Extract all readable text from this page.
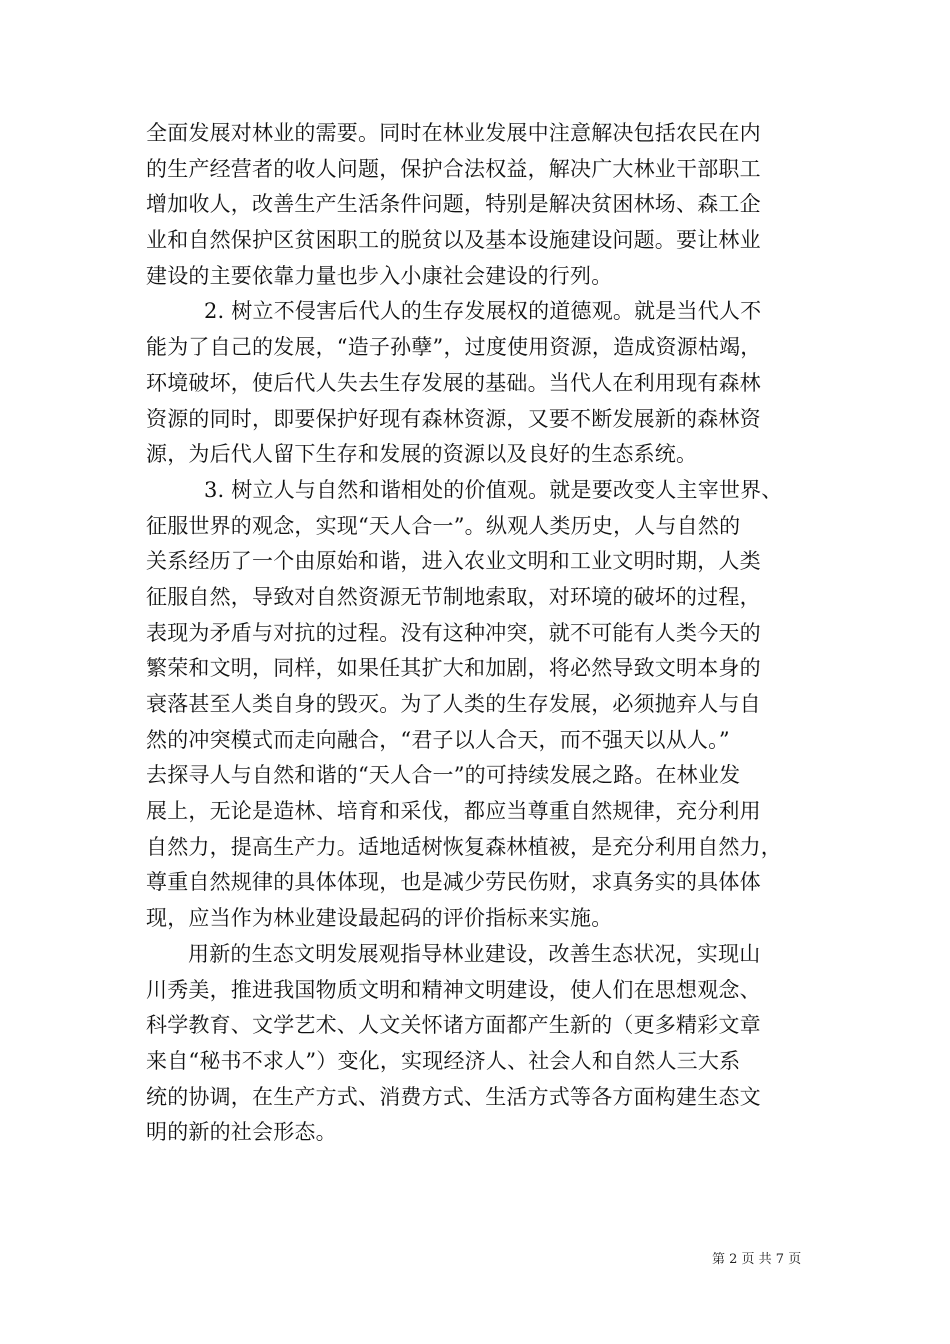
全面发展对林业的需要。同时在林业发展中注意解决包括农民在内
的生产经营者的收人问题，保护合法权益，解决广大林业干部职工
增加收人，改善生产生活条件问题，特别是解决贫困林场、森工企
业和自然保护区贫困职工的脱贫以及基本设施建设问题。要让林业
建设的主要依靠力量也步入小康社会建设的行列。
2. 树立不侵害后代人的生存发展权的道德观。就是当代人不
能为了自己的发展，“造子孙孽”，过度使用资源，造成资源枯竭，
环境破坏，使后代人失去生存发展的基础。当代人在利用现有森林
资源的同时，即要保护好现有森林资源，又要不断发展新的森林资
源，为后代人留下生存和发展的资源以及良好的生态系统。
3. 树立人与自然和谐相处的价值观。就是要改变人主宰世界、
征服世界的观念，实现“天人合一”。纵观人类历史，人与自然的
关系经历了一个由原始和谐，进入农业文明和工业文明时期，人类
征服自然，导致对自然资源无节制地索取，对环境的破坏的过程，
表现为矛盾与对抗的过程。没有这种冲突，就不可能有人类今天的
繁荣和文明，同样，如果任其扩大和加剧，将必然导致文明本身的
衰落甚至人类自身的毁灭。为了人类的生存发展，必须抛弃人与自
然的冲突模式而走向融合，“君子以人合天，而不强天以从人。”
去探寻人与自然和谐的“天人合一”的可持续发展之路。在林业发
展上，无论是造林、培育和采伐，都应当尊重自然规律，充分利用
自然力，提高生产力。适地适树恢复森林植被，是充分利用自然力，
尊重自然规律的具体体现，也是减少劳民伤财，求真务实的具体体
现，应当作为林业建设最起码的评价指标来实施。
用新的生态文明发展观指导林业建设，改善生态状况，实现山
川秀美，推进我国物质文明和精神文明建设，使人们在思想观念、
科学教育、文学艺术、人文关怀诸方面都产生新的（更多精彩文章
来自“秘书不求人”）变化，实现经济人、社会人和自然人三大系
统的协调，在生产方式、消费方式、生活方式等各方面构建生态文
明的新的社会形态。
第 2 页 共 7 页
